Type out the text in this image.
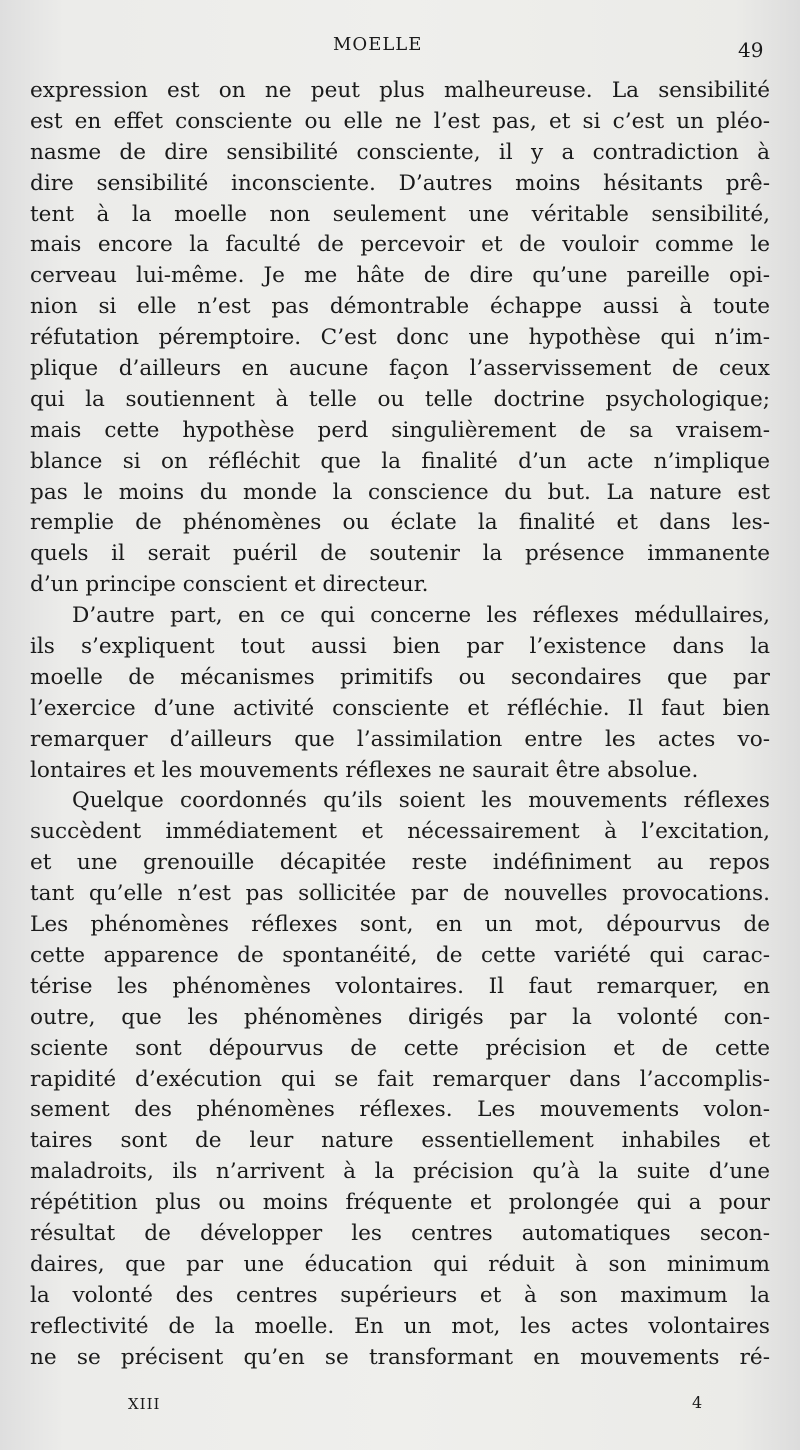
MOELLE	49
expression est on ne peut plus malheureuse. La sensibilité
est en effet consciente ou elle ne l’est pas, et si c’est un pléo-
nasme de dire sensibilité consciente, il y a contradiction à
dire sensibilité inconsciente. D’autres moins hésitants prê-
tent à la moelle non seulement une véritable sensibilité,
mais encore la faculté de percevoir et de vouloir comme le
cerveau lui-même. Je me hâte de dire qu’une pareille opi-
nion si elle n’est pas démontrable échappe aussi à toute
réfutation péremptoire. C’est donc une hypothèse qui n’im-
plique d’ailleurs en aucune façon l’asservissement de ceux
qui la soutiennent à telle ou telle doctrine psychologique;
mais cette hypothèse perd singulièrement de sa vraisem-
blance si on réfléchit que la finalité d’un acte n’implique
pas le moins du monde la conscience du but. La nature est
remplie de phénomènes ou éclate la finalité et dans les-
quels il serait puéril de soutenir la présence immanente
d’un principe conscient et directeur.
D’autre part, en ce qui concerne les réflexes médullaires,
ils s’expliquent tout aussi bien par l’existence dans la
moelle de mécanismes primitifs ou secondaires que par
l’exercice d’une activité consciente et réfléchie. Il faut bien
remarquer d’ailleurs que l’assimilation entre les actes vo-
lontaires et les mouvements réflexes ne saurait être absolue.
Quelque coordonnés qu’ils soient les mouvements réflexes
succèdent immédiatement et nécessairement à l’excitation,
et une grenouille décapitée reste indéfiniment au repos
tant qu’elle n’est pas sollicitée par de nouvelles provocations.
Les phénomènes réflexes sont, en un mot, dépourvus de
cette apparence de spontanéité, de cette variété qui carac-
térise les phénomènes volontaires. Il faut remarquer, en
outre, que les phénomènes dirigés par la volonté con-
sciente sont dépourvus de cette précision et de cette
rapidité d’exécution qui se fait remarquer dans l’accomplis-
sement des phénomènes réflexes. Les mouvements volon-
taires sont de leur nature essentiellement inhabiles et
maladroits, ils n’arrivent à la précision qu’à la suite d’une
répétition plus ou moins fréquente et prolongée qui a pour
résultat de développer les centres automatiques secon-
daires, que par une éducation qui réduit à son minimum
la volonté des centres supérieurs et à son maximum la
reflectivité de la moelle. En un mot, les actes volontaires
ne se précisent qu’en se transformant en mouvements ré-
XIII	4
